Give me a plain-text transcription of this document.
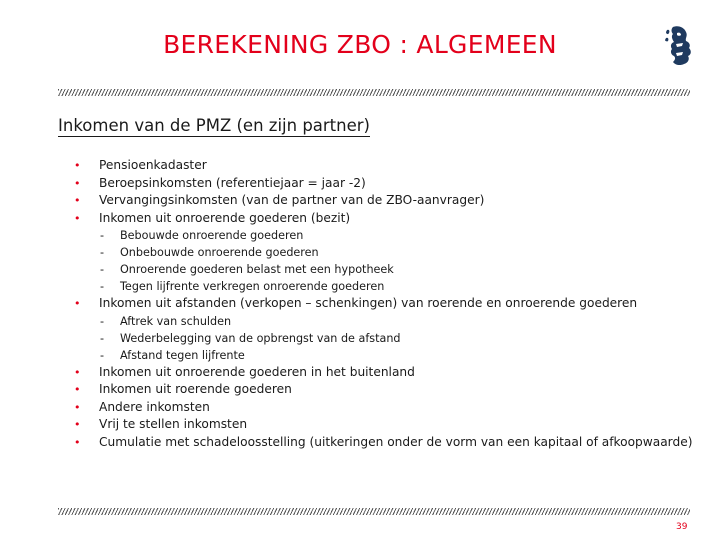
BEREKENING ZBO : ALGEMEEN
Inkomen van de PMZ (en zijn partner)
• Pensioenkadaster
• Beroepsinkomsten (referentiejaar = jaar -2)
• Vervangingsinkomsten (van de partner van de ZBO-aanvrager)
• Inkomen uit onroerende goederen (bezit)
- Bebouwde onroerende goederen
- Onbebouwde onroerende goederen
- Onroerende goederen belast met een hypotheek
- Tegen lijfrente verkregen onroerende goederen
• Inkomen uit afstanden (verkopen – schenkingen) van roerende en onroerende goederen
- Aftrek van schulden
- Wederbelegging van de opbrengst van de afstand
- Afstand tegen lijfrente
• Inkomen uit onroerende goederen in het buitenland
• Inkomen uit roerende goederen
• Andere inkomsten
• Vrij te stellen inkomsten
• Cumulatie met schadeloosstelling (uitkeringen onder de vorm van een kapitaal of afkoopwaarde)
39
